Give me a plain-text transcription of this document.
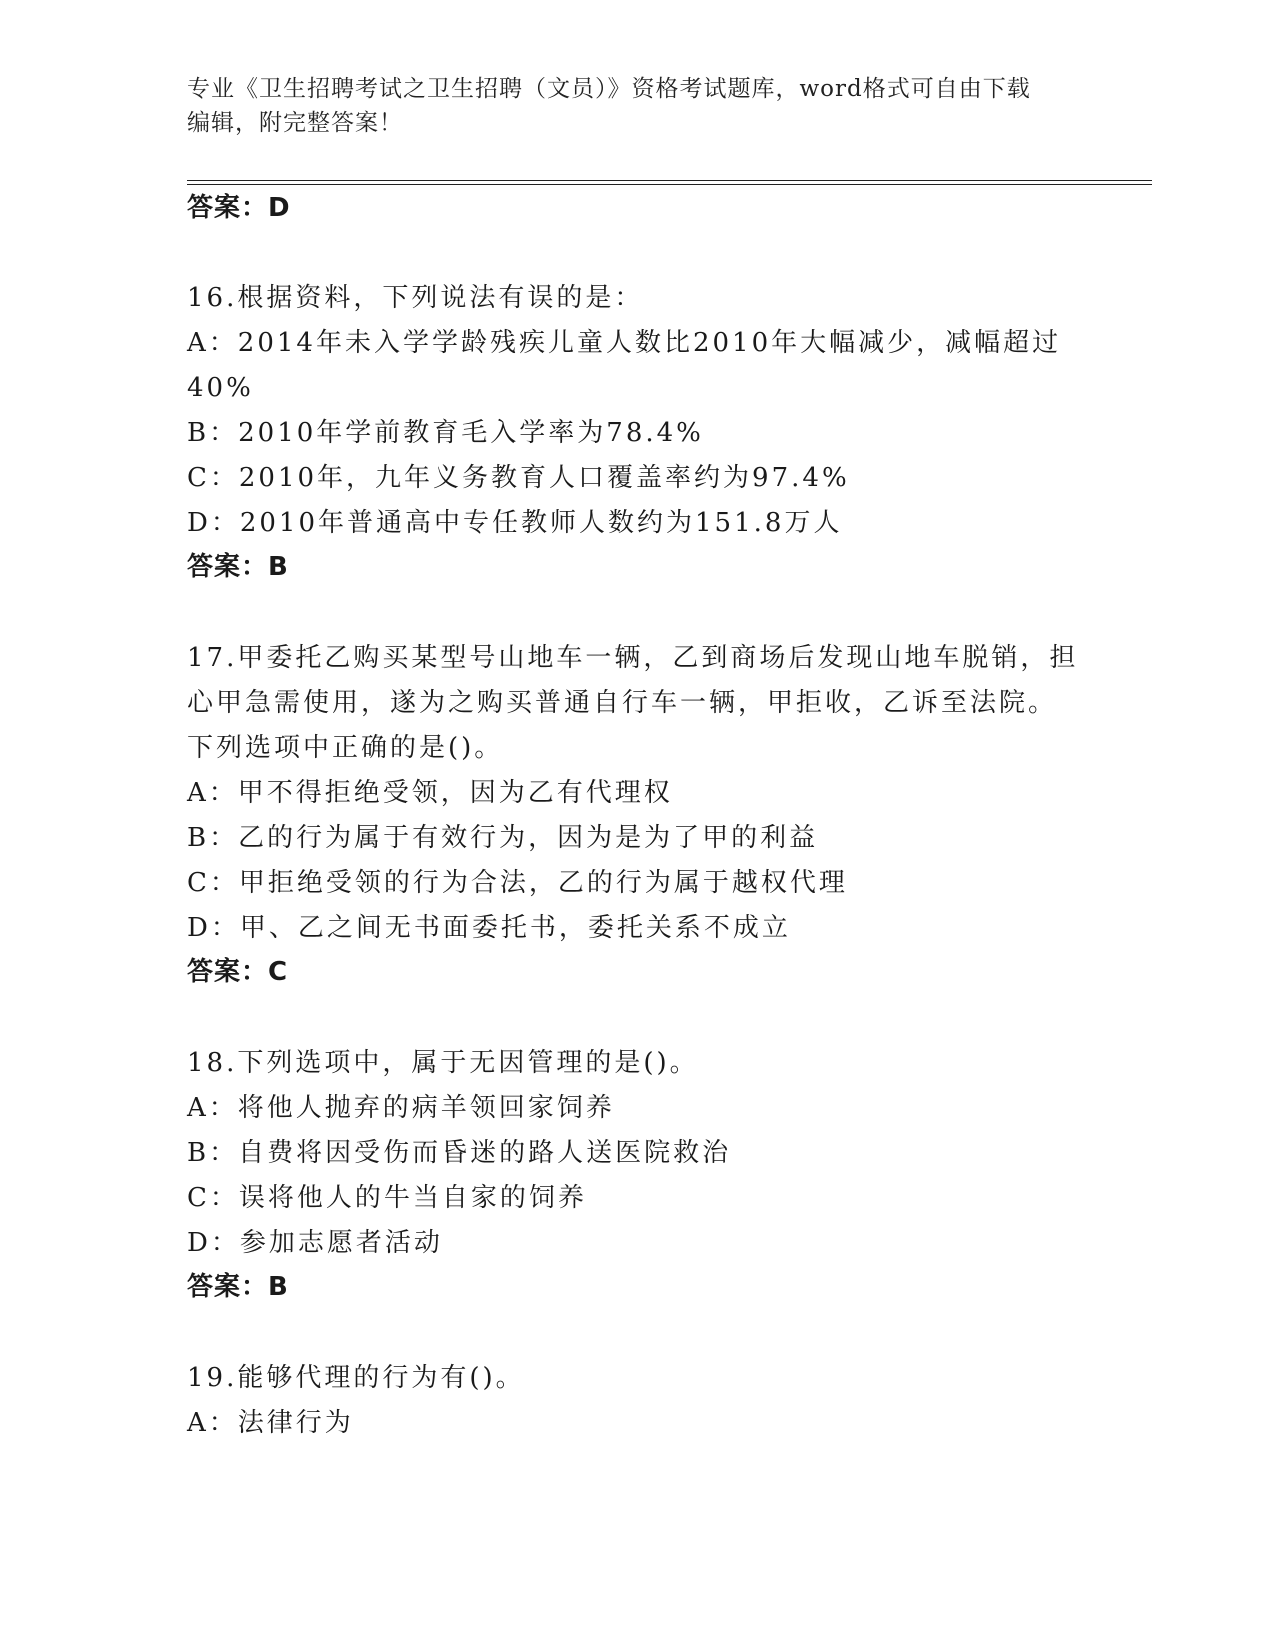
专业《卫生招聘考试之卫生招聘（文员）》资格考试题库，word格式可自由下载
编辑，附完整答案！
答案：D
16.根据资料，下列说法有误的是：
A：2014年未入学学龄残疾儿童人数比2010年大幅减少，减幅超过
40%
B：2010年学前教育毛入学率为78.4%
C：2010年，九年义务教育人口覆盖率约为97.4%
D：2010年普通高中专任教师人数约为151.8万人
答案：B
17.甲委托乙购买某型号山地车一辆，乙到商场后发现山地车脱销，担
心甲急需使用，遂为之购买普通自行车一辆，甲拒收，乙诉至法院。
下列选项中正确的是()。
A：甲不得拒绝受领，因为乙有代理权
B：乙的行为属于有效行为，因为是为了甲的利益
C：甲拒绝受领的行为合法，乙的行为属于越权代理
D：甲、乙之间无书面委托书，委托关系不成立
答案：C
18.下列选项中，属于无因管理的是()。
A：将他人抛弃的病羊领回家饲养
B：自费将因受伤而昏迷的路人送医院救治
C：误将他人的牛当自家的饲养
D：参加志愿者活动
答案：B
19.能够代理的行为有()。
A：法律行为
